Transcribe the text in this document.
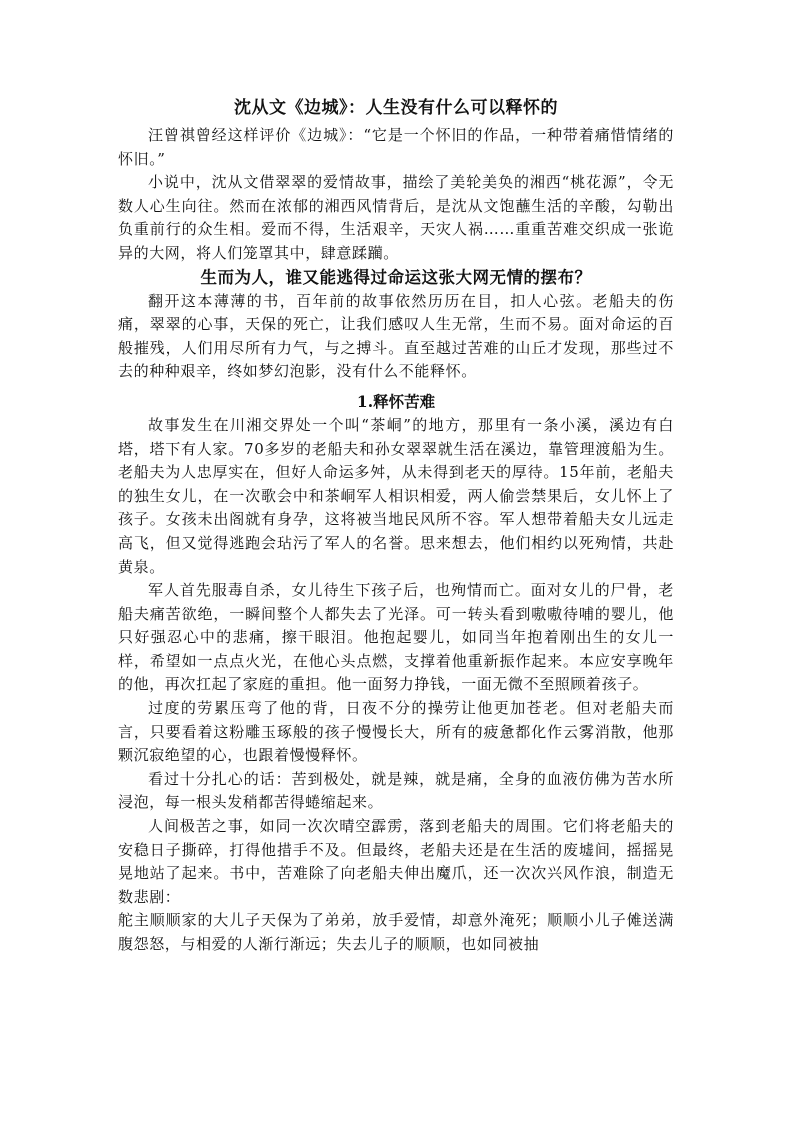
沈从文《边城》：人生没有什么可以释怀的

汪曾祺曾经这样评价《边城》：“它是一个怀旧的作品，一种带着痛惜情绪的怀旧。”

小说中，沈从文借翠翠的爱情故事，描绘了美轮美奂的湘西“桃花源”，令无数人心生向往。然而在浓郁的湘西风情背后，是沈从文饱蘸生活的辛酸，勾勒出负重前行的众生相。爱而不得，生活艰辛，天灾人祸……重重苦难交织成一张诡异的大网，将人们笼罩其中，肆意蹂躏。

生而为人，谁又能逃得过命运这张大网无情的摆布？

翻开这本薄薄的书，百年前的故事依然历历在目，扣人心弦。老船夫的伤痛，翠翠的心事，天保的死亡，让我们感叹人生无常，生而不易。面对命运的百般摧残，人们用尽所有力气，与之搏斗。直至越过苦难的山丘才发现，那些过不去的种种艰辛，终如梦幻泡影，没有什么不能释怀。

1.释怀苦难

故事发生在川湘交界处一个叫“茶峒”的地方，那里有一条小溪，溪边有白塔，塔下有人家。70多岁的老船夫和孙女翠翠就生活在溪边，靠管理渡船为生。老船夫为人忠厚实在，但好人命运多舛，从未得到老天的厚待。15年前，老船夫的独生女儿，在一次歌会中和茶峒军人相识相爱，两人偷尝禁果后，女儿怀上了孩子。女孩未出阁就有身孕，这将被当地民风所不容。军人想带着船夫女儿远走高飞，但又觉得逃跑会玷污了军人的名誉。思来想去，他们相约以死殉情，共赴黄泉。

军人首先服毒自杀，女儿待生下孩子后，也殉情而亡。面对女儿的尸骨，老船夫痛苦欲绝，一瞬间整个人都失去了光泽。可一转头看到嗷嗷待哺的婴儿，他只好强忍心中的悲痛，擦干眼泪。他抱起婴儿，如同当年抱着刚出生的女儿一样，希望如一点点火光，在他心头点燃，支撑着他重新振作起来。本应安享晚年的他，再次扛起了家庭的重担。他一面努力挣钱，一面无微不至照顾着孩子。

过度的劳累压弯了他的背，日夜不分的操劳让他更加苍老。但对老船夫而言，只要看着这粉雕玉琢般的孩子慢慢长大，所有的疲惫都化作云雾消散，他那颗沉寂绝望的心，也跟着慢慢释怀。

看过十分扎心的话：苦到极处，就是辣，就是痛，全身的血液仿佛为苦水所浸泡，每一根头发稍都苦得蜷缩起来。

人间极苦之事，如同一次次晴空霹雳，落到老船夫的周围。它们将老船夫的安稳日子撕碎，打得他措手不及。但最终，老船夫还是在生活的废墟间，摇摇晃晃地站了起来。书中，苦难除了向老船夫伸出魔爪，还一次次兴风作浪，制造无数悲剧：

舵主顺顺家的大儿子天保为了弟弟，放手爱情，却意外淹死；顺顺小儿子傩送满腹怨怒，与相爱的人渐行渐远；失去儿子的顺顺，也如同被抽
